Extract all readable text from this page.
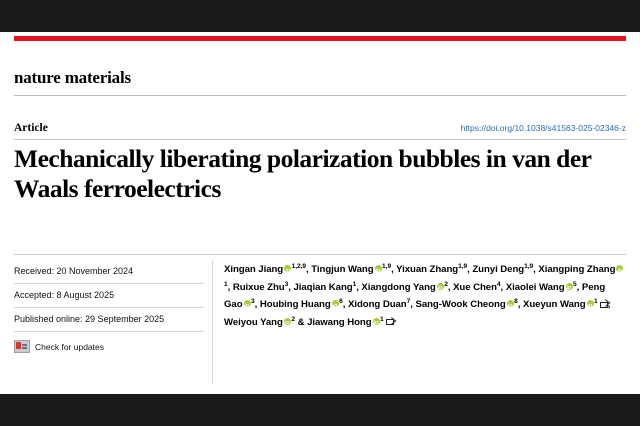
nature materials
Article	https://doi.org/10.1038/s41563-025-02346-z
Mechanically liberating polarization bubbles in van der Waals ferroelectrics
Received: 20 November 2024
Accepted: 8 August 2025
Published online: 29 September 2025
Check for updates
Xingan Jiang iD $^{1,2,9}$, Tingjun Wang iD $^{1,9}$, Yixuan Zhang$^{1,9}$, Zunyi Deng$^{1,9}$, Xiangping ZhangiD$^1$, Ruixue Zhu$^3$, Jiaqian Kang$^1$, Xiangdong Yang iD $^2$, Xue Chen$^4$, Xiaolei Wang iD $^5$, Peng Gao iD $^3$, Houbing Huang iD $^6$, Xidong Duan$^7$, Sang-Wook Cheong iD $^8$, Xueyun Wang iD $^1$ , Weiyou Yang iD $^2$ & Jiawang Hong iD $^1$
